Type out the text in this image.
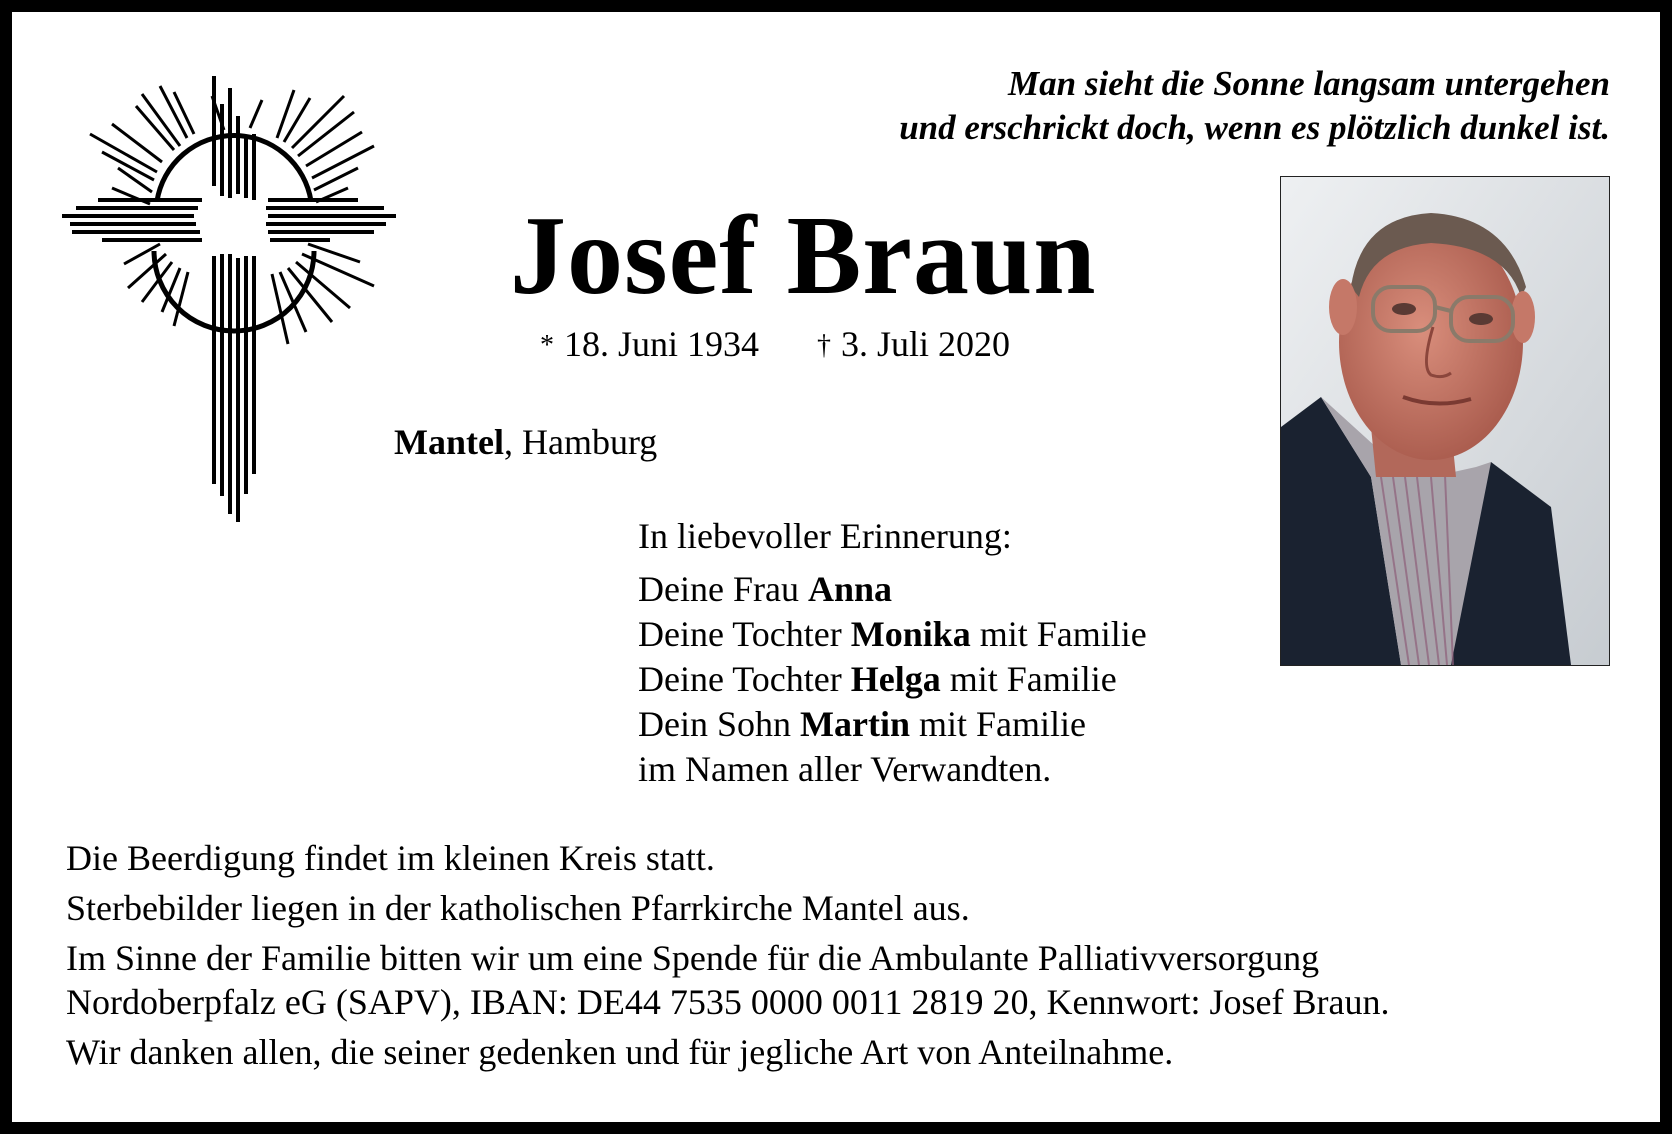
Man sieht die Sonne langsam untergehen
und erschrickt doch, wenn es plötzlich dunkel ist.
Josef Braun
* 18. Juni 1934 † 3. Juli 2020
Mantel, Hamburg
In liebevoller Erinnerung:
Deine Frau Anna
Deine Tochter Monika mit Familie
Deine Tochter Helga mit Familie
Dein Sohn Martin mit Familie
im Namen aller Verwandten.
Die Beerdigung findet im kleinen Kreis statt.
Sterbebilder liegen in der katholischen Pfarrkirche Mantel aus.
Im Sinne der Familie bitten wir um eine Spende für die Ambulante Palliativversorgung
Nordoberpfalz eG (SAPV), IBAN: DE44 7535 0000 0011 2819 20, Kennwort: Josef Braun.
Wir danken allen, die seiner gedenken und für jegliche Art von Anteilnahme.
